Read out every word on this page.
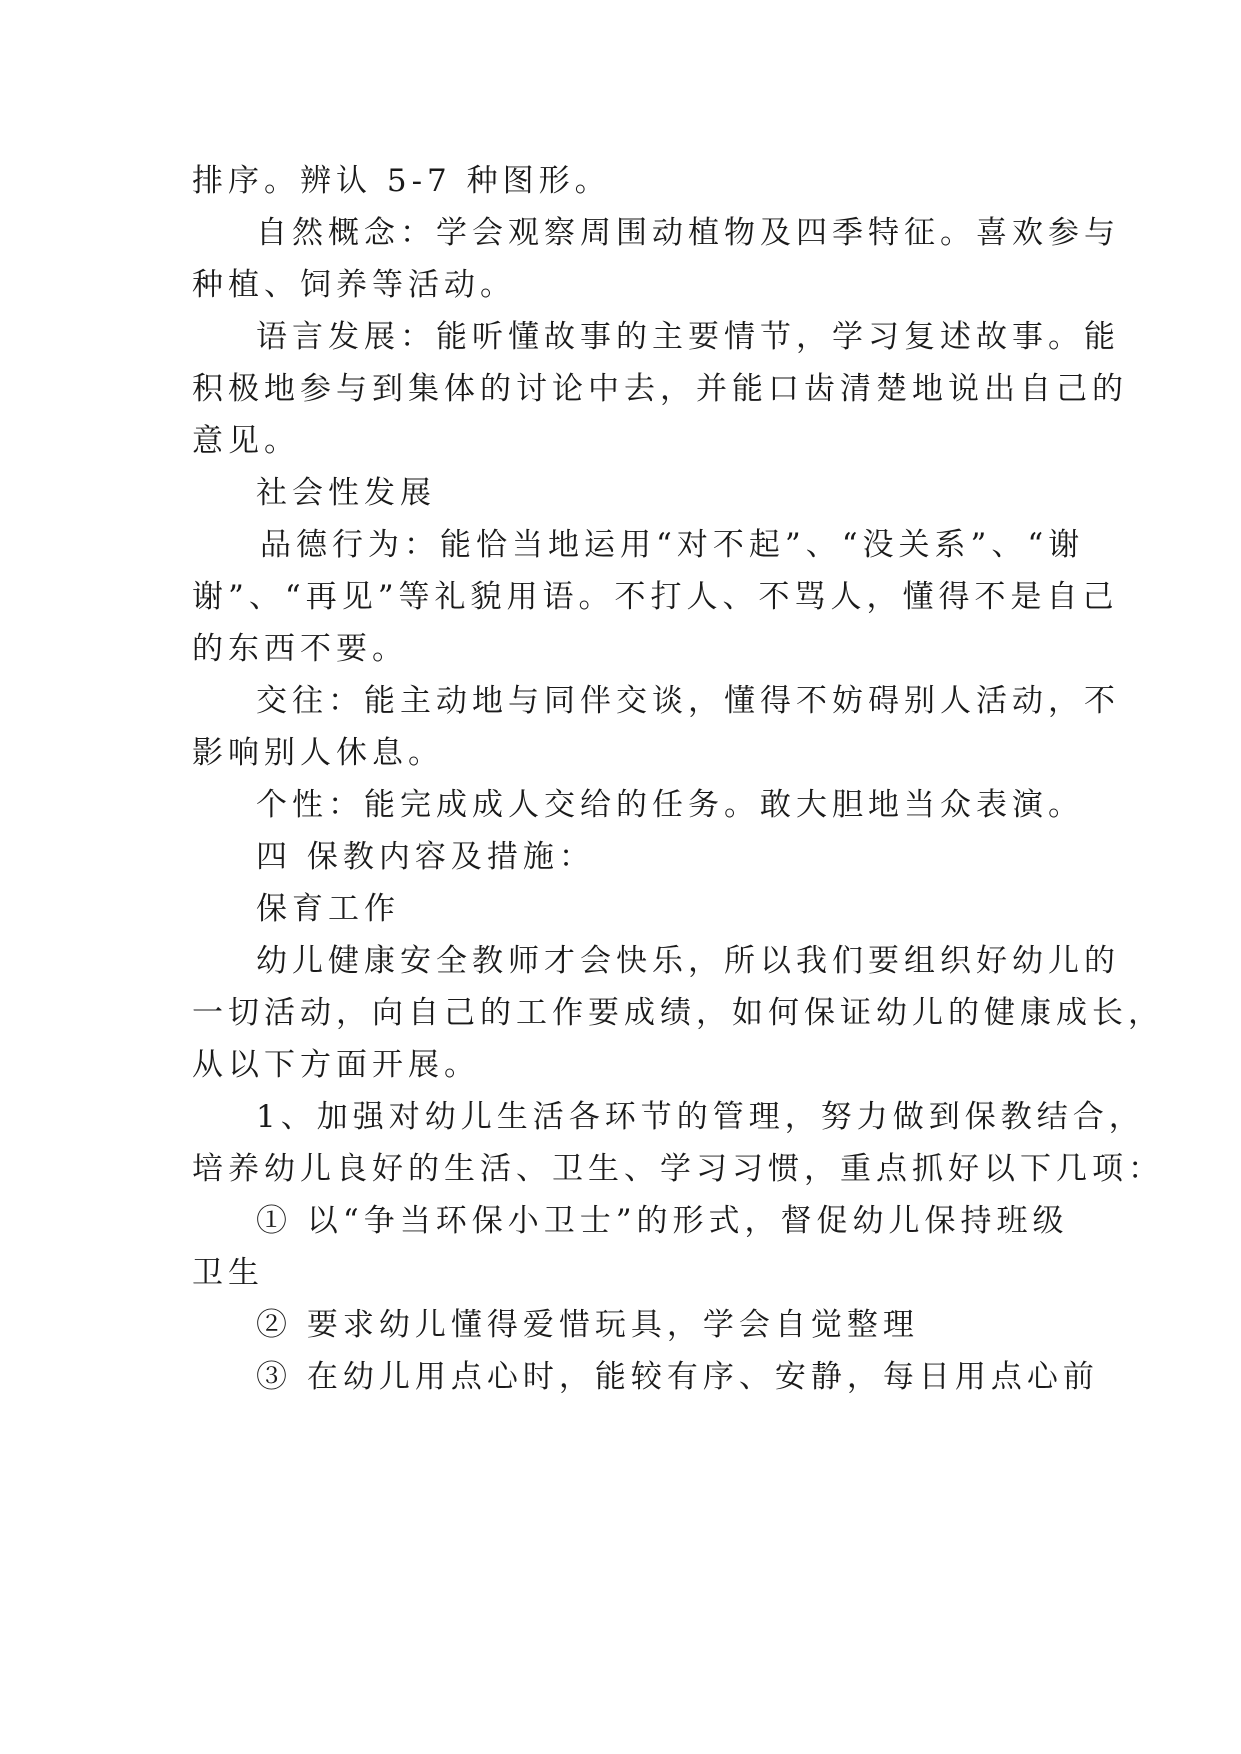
排序。辨认 5-7 种图形。
自然概念：学会观察周围动植物及四季特征。喜欢参与
种植、饲养等活动。
语言发展：能听懂故事的主要情节，学习复述故事。能
积极地参与到集体的讨论中去，并能口齿清楚地说出自己的
意见。
社会性发展
品德行为：能恰当地运用“对不起”、“没关系”、“谢
谢”、“再见”等礼貌用语。不打人、不骂人，懂得不是自己
的东西不要。
交往：能主动地与同伴交谈，懂得不妨碍别人活动，不
影响别人休息。
个性：能完成成人交给的任务。敢大胆地当众表演。
四 保教内容及措施：
保育工作
幼儿健康安全教师才会快乐，所以我们要组织好幼儿的
一切活动，向自己的工作要成绩，如何保证幼儿的健康成长，
从以下方面开展。
1、加强对幼儿生活各环节的管理，努力做到保教结合，
培养幼儿良好的生活、卫生、学习习惯，重点抓好以下几项：
① 以“争当环保小卫士”的形式，督促幼儿保持班级
卫生
② 要求幼儿懂得爱惜玩具，学会自觉整理
③ 在幼儿用点心时，能较有序、安静，每日用点心前
